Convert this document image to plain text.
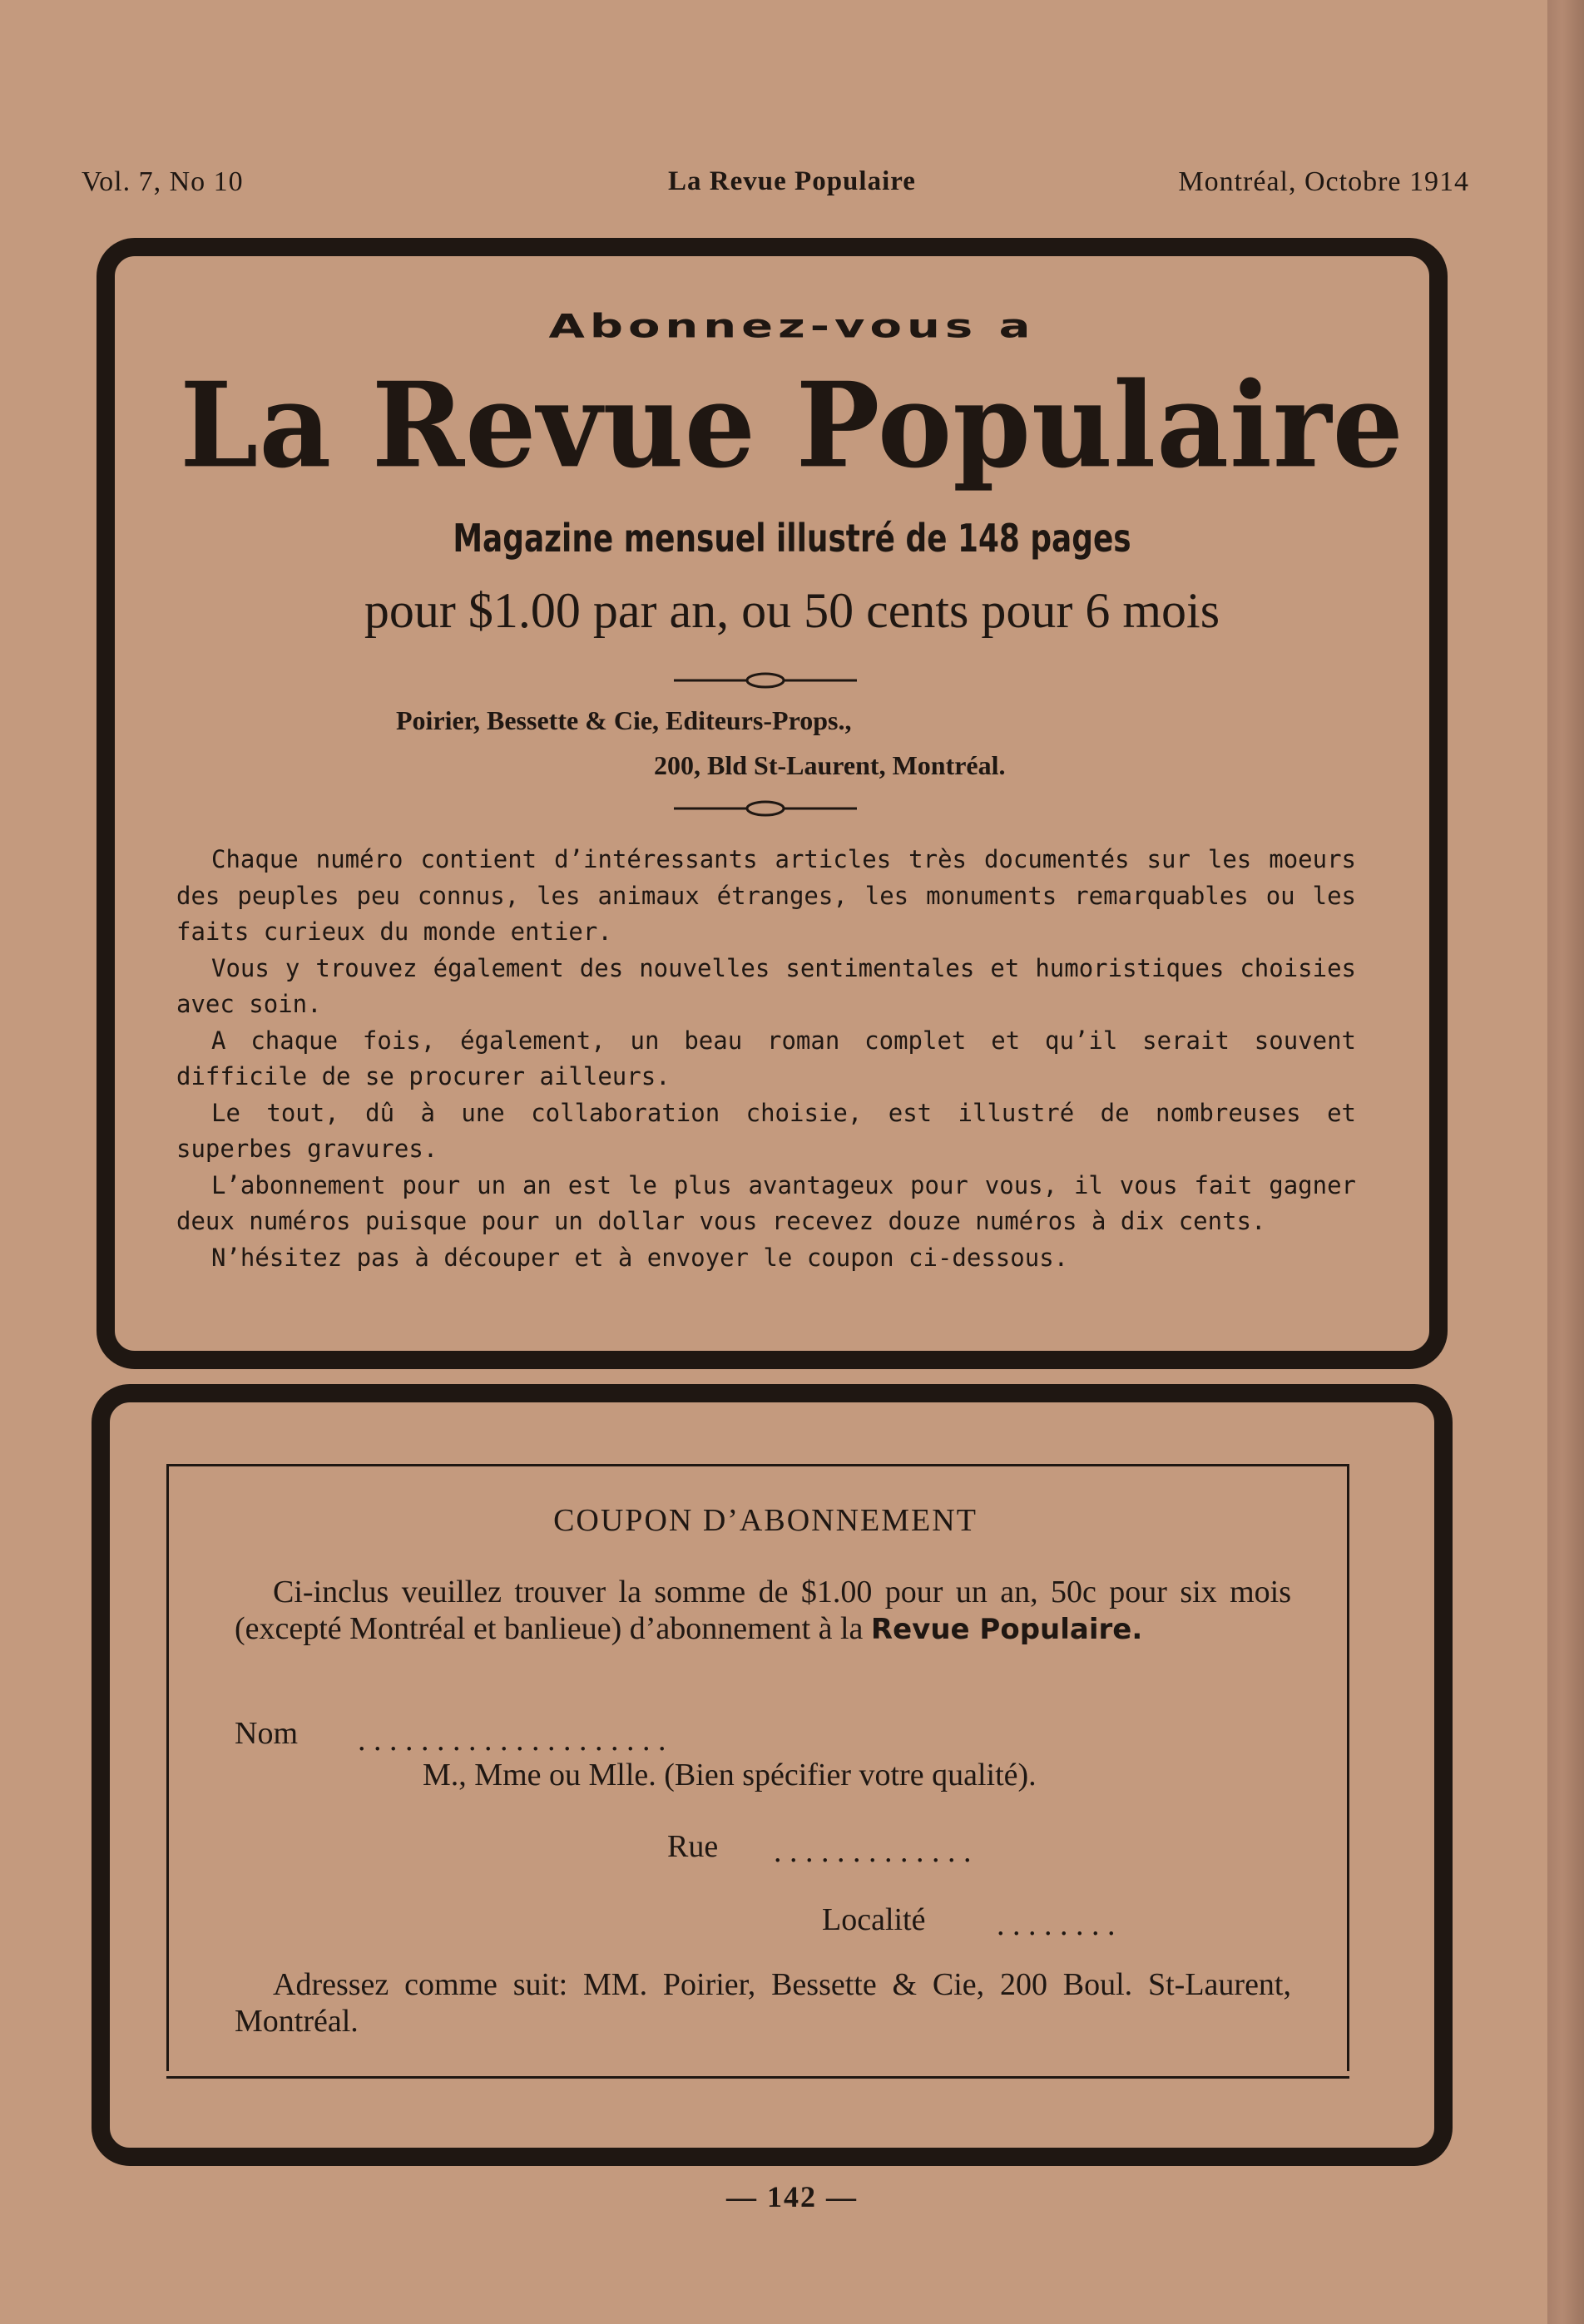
Vol. 7, No 10	La Revue Populaire	Montréal, Octobre 1914
Abonnez-vous a
La Revue Populaire
Magazine mensuel illustré de 148 pages
pour $1.00 par an, ou 50 cents pour 6 mois
Poirier, Bessette & Cie, Editeurs-Props.,
200, Bld St-Laurent, Montréal.

Chaque numéro contient d’intéressants articles très documentés sur les moeurs des peuples peu connus, les animaux étranges, les monuments remarquables ou les faits curieux du monde entier.

Vous y trouvez également des nouvelles sentimentales et humoristiques choisies avec soin.

A chaque fois, également, un beau roman complet et qu’il serait souvent difficile de se procurer ailleurs.

Le tout, dû à une collaboration choisie, est illustré de nombreuses et superbes gravures.

L’abonnement pour un an est le plus avantageux pour vous, il vous fait gagner deux numéros puisque pour un dollar vous recevez douze numéros à dix cents.

N’hésitez pas à découper et à envoyer le coupon ci-dessous.

COUPON D’ABONNEMENT
Ci-inclus veuillez trouver la somme de $1.00 pour un an, 50c pour six mois (excepté Montréal et banlieue) d’abonnement à la Revue Populaire.
Nom . . . . . . . . . . . . . . . . . . . .
M., Mme ou Mlle. (Bien spécifier votre qualité).
Rue . . . . . . . . . . . . .
Localité . . . . . . . .
Adressez comme suit: MM. Poirier, Bessette & Cie, 200 Boul. St-Laurent, Montréal.
— 142 —
